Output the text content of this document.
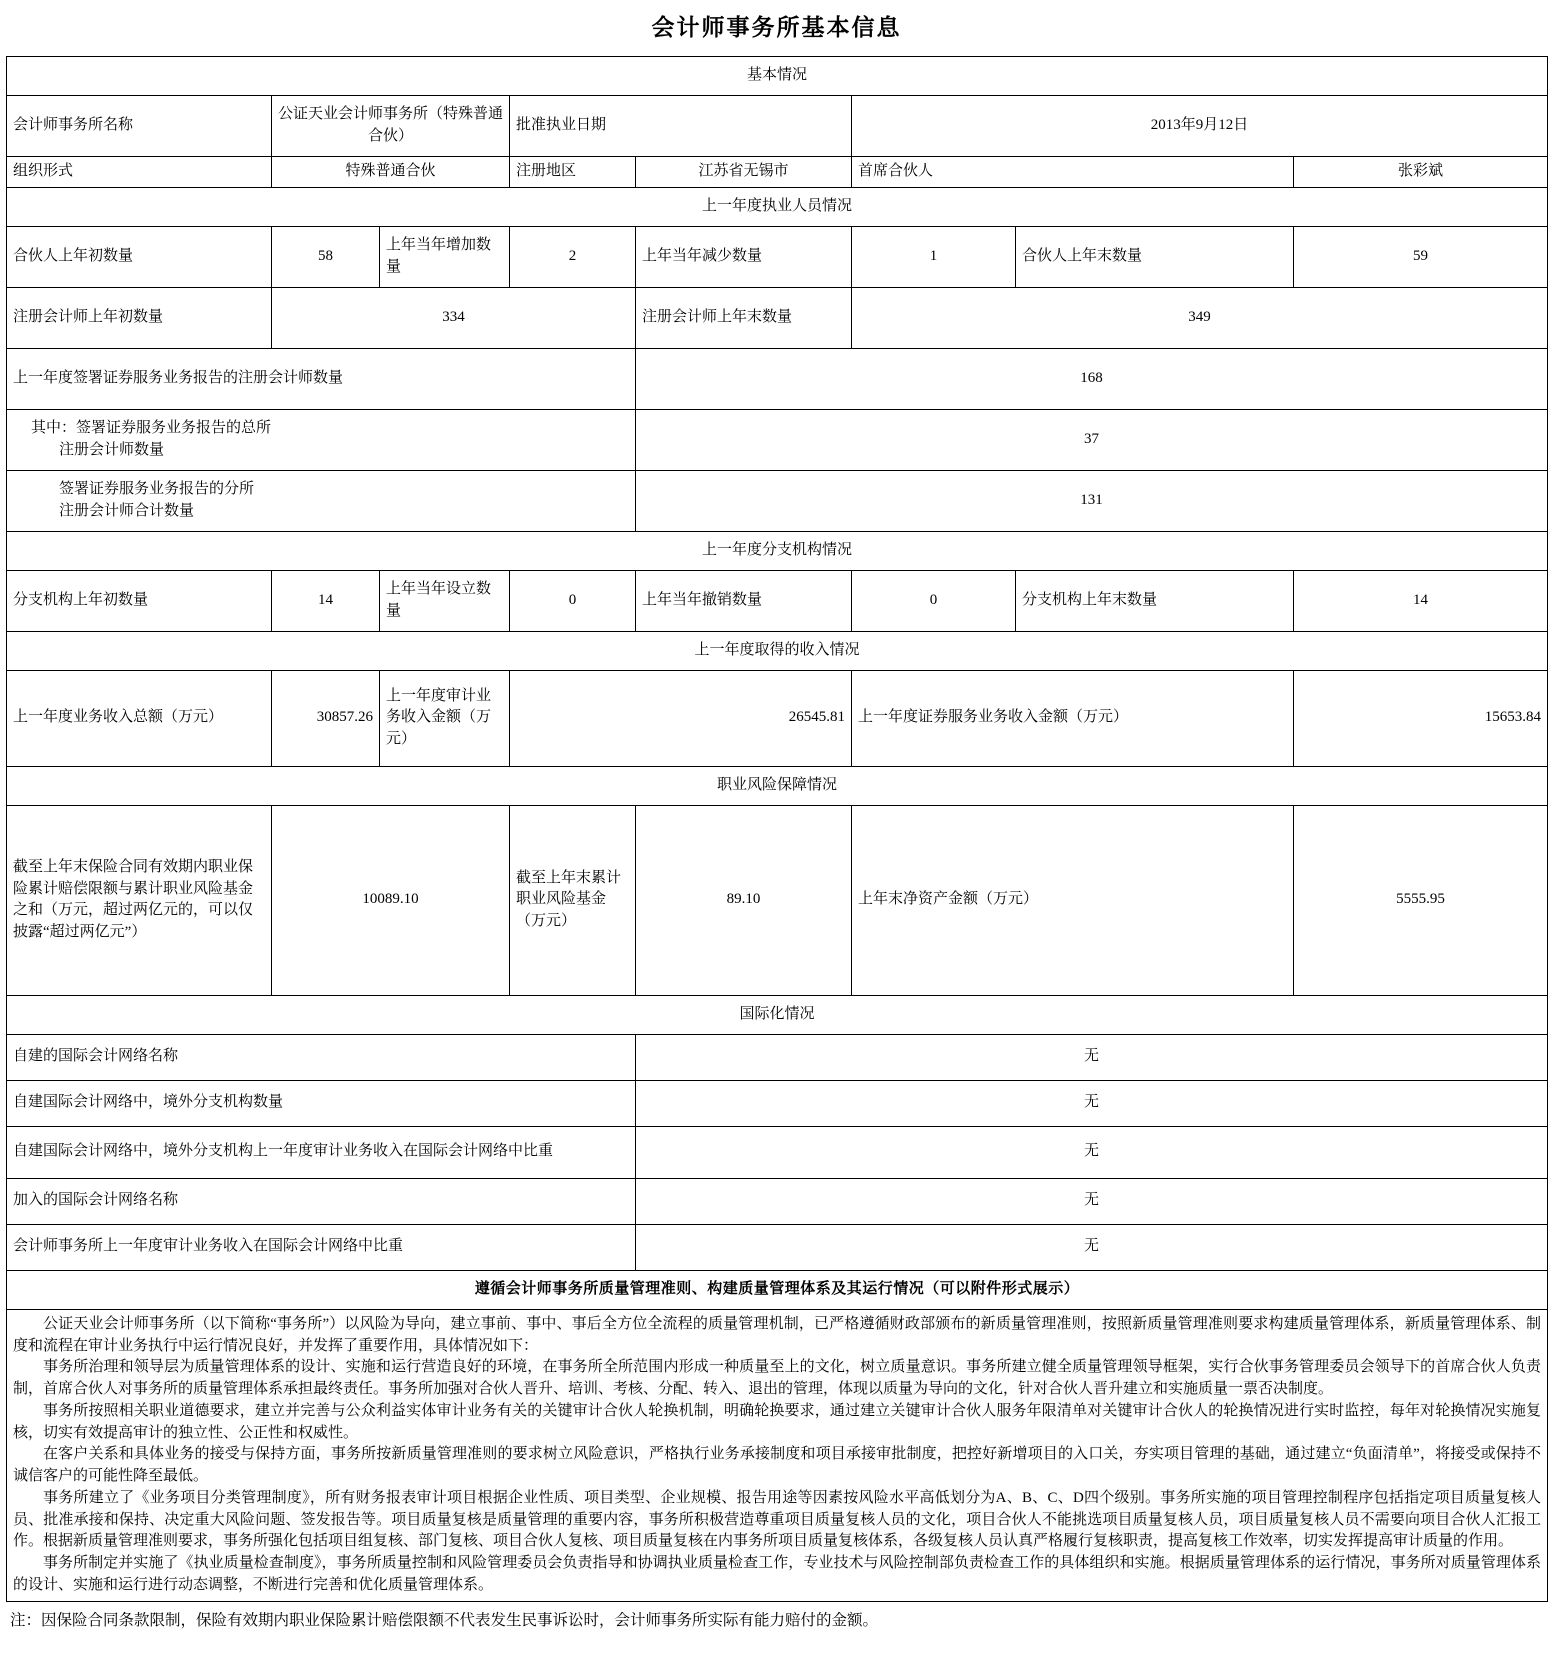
会计师事务所基本信息
基本情况							
会计师事务所名称	公证天业会计师事务所（特殊普通合伙）		批准执业日期		2013年9月12日		
组织形式	特殊普通合伙		注册地区	江苏省无锡市	首席合伙人		张彩斌
上一年度执业人员情况							
合伙人上年初数量	58	上年当年增加数量	2	上年当年减少数量	1	合伙人上年末数量	59
注册会计师上年初数量	334			注册会计师上年末数量	349		
上一年度签署证券服务业务报告的注册会计师数量				168			

其中：签署证券服务业务报告的总所
注册会计师数量				37			

签署证券服务业务报告的分所
注册会计师合计数量				131			
上一年度分支机构情况							
分支机构上年初数量	14	上年当年设立数量	0	上年当年撤销数量	0	分支机构上年末数量	14
上一年度取得的收入情况							
上一年度业务收入总额（万元）	30857.26	上一年度审计业务收入金额（万元）	26545.81		上一年度证券服务业务收入金额（万元）		15653.84
职业风险保障情况							
截至上年末保险合同有效期内职业保险累计赔偿限额与累计职业风险基金之和（万元，超过两亿元的，可以仅披露“超过两亿元”）	10089.10		截至上年末累计职业风险基金（万元）	89.10	上年末净资产金额（万元）		5555.95
国际化情况							
自建的国际会计网络名称				无			
自建国际会计网络中，境外分支机构数量				无			
自建国际会计网络中，境外分支机构上一年度审计业务收入在国际会计网络中比重				无			
加入的国际会计网络名称				无			
会计师事务所上一年度审计业务收入在国际会计网络中比重				无			
遵循会计师事务所质量管理准则、构建质量管理体系及其运行情况（可以附件形式展示）							

公证天业会计师事务所（以下简称“事务所”）以风险为导向，建立事前、事中、事后全方位全流程的质量管理机制，已严格遵循财政部颁布的新质量管理准则，按照新质量管理准则要求构建质量管理体系，新质量管理体系、制度和流程在审计业务执行中运行情况良好，并发挥了重要作用，具体情况如下：

事务所治理和领导层为质量管理体系的设计、实施和运行营造良好的环境，在事务所全所范围内形成一种质量至上的文化，树立质量意识。事务所建立健全质量管理领导框架，实行合伙事务管理委员会领导下的首席合伙人负责制，首席合伙人对事务所的质量管理体系承担最终责任。事务所加强对合伙人晋升、培训、考核、分配、转入、退出的管理，体现以质量为导向的文化，针对合伙人晋升建立和实施质量一票否决制度。

事务所按照相关职业道德要求，建立并完善与公众利益实体审计业务有关的关键审计合伙人轮换机制，明确轮换要求，通过建立关键审计合伙人服务年限清单对关键审计合伙人的轮换情况进行实时监控，每年对轮换情况实施复核，切实有效提高审计的独立性、公正性和权威性。

在客户关系和具体业务的接受与保持方面，事务所按新质量管理准则的要求树立风险意识，严格执行业务承接制度和项目承接审批制度，把控好新增项目的入口关，夯实项目管理的基础，通过建立“负面清单”，将接受或保持不诚信客户的可能性降至最低。

事务所建立了《业务项目分类管理制度》，所有财务报表审计项目根据企业性质、项目类型、企业规模、报告用途等因素按风险水平高低划分为A、B、C、D四个级别。事务所实施的项目管理控制程序包括指定项目质量复核人员、批准承接和保持、决定重大风险问题、签发报告等。项目质量复核是质量管理的重要内容，事务所积极营造尊重项目质量复核人员的文化，项目合伙人不能挑选项目质量复核人员，项目质量复核人员不需要向项目合伙人汇报工作。根据新质量管理准则要求，事务所强化包括项目组复核、部门复核、项目合伙人复核、项目质量复核在内事务所项目质量复核体系，各级复核人员认真严格履行复核职责，提高复核工作效率，切实发挥提高审计质量的作用。

事务所制定并实施了《执业质量检查制度》，事务所质量控制和风险管理委员会负责指导和协调执业质量检查工作，专业技术与风险控制部负责检查工作的具体组织和实施。根据质量管理体系的运行情况，事务所对质量管理体系的设计、实施和运行进行动态调整，不断进行完善和优化质量管理体系。

注：因保险合同条款限制，保险有效期内职业保险累计赔偿限额不代表发生民事诉讼时，会计师事务所实际有能力赔付的金额。
